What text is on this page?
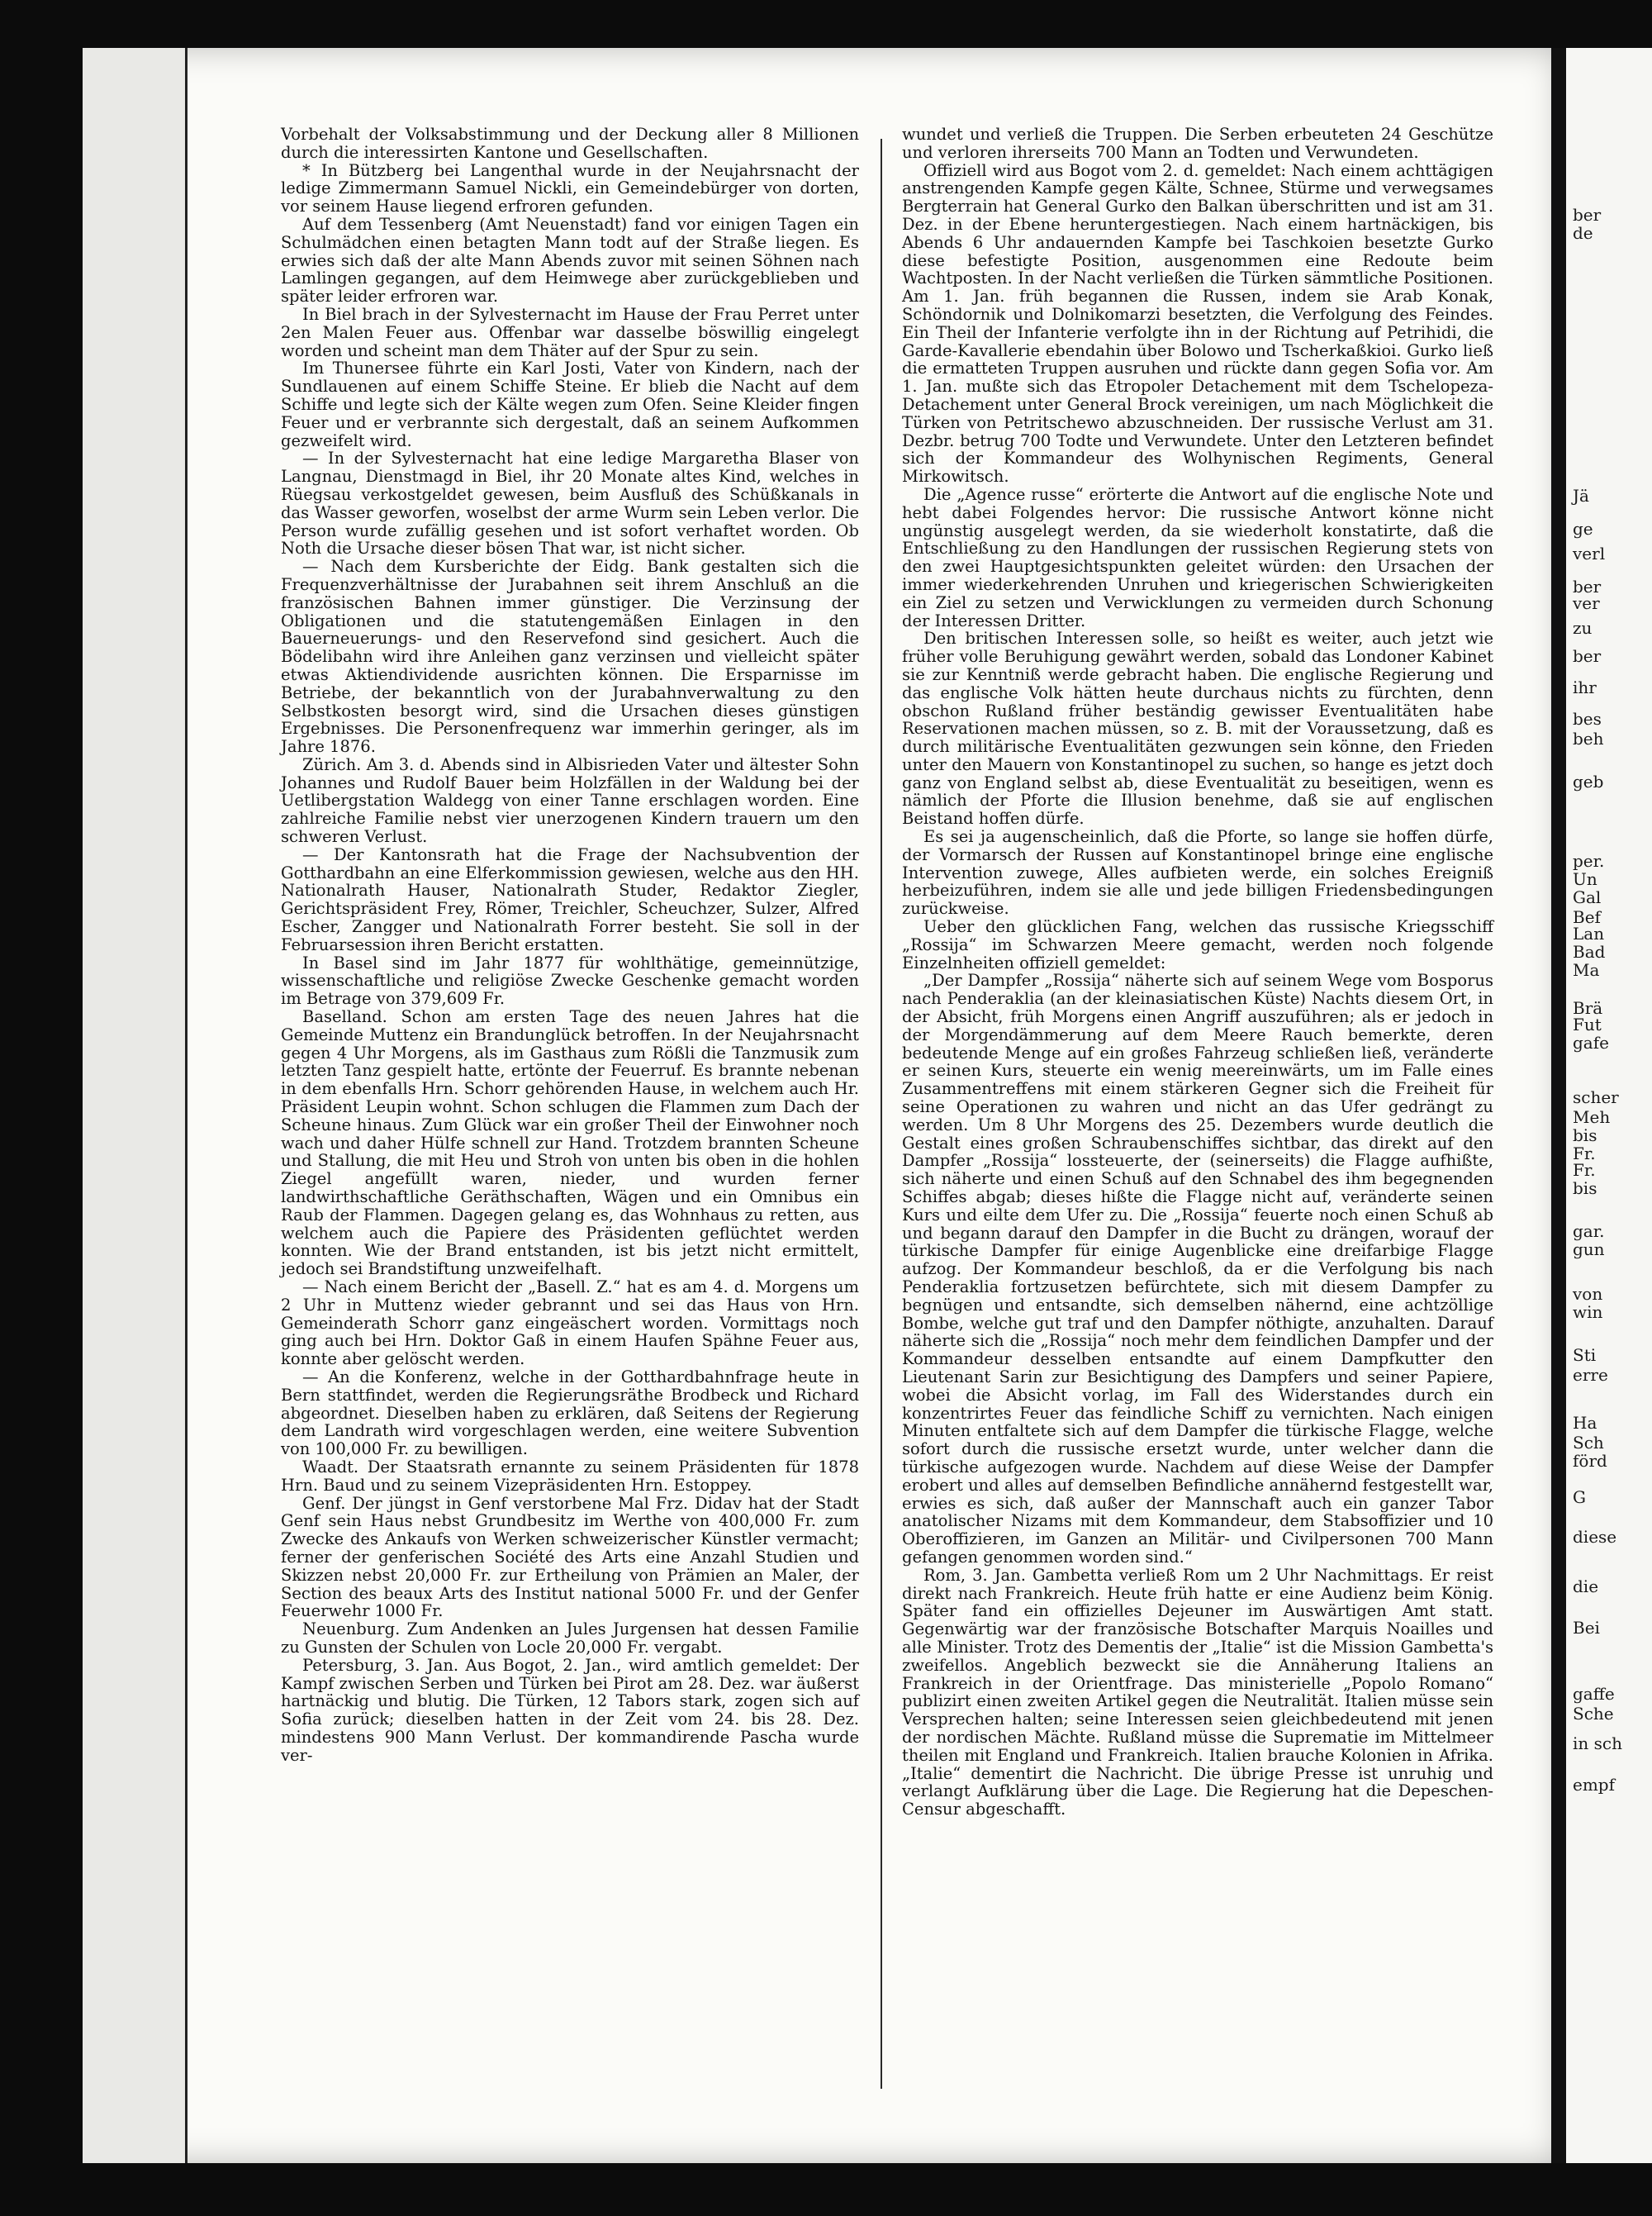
ber
de
Jä
ge
verl
ber
ver
zu
ber
ihr
bes
beh
geb
per.
Un
Gal
Bef
Lan
Bad
Ma
Brä
Fut
gafe
scher
Meh
bis
Fr.
Fr.
bis
gar.
gun
von
win
Sti
erre
Ha
Sch
förd
G
diese
die
Bei
gaffe
Sche
in sch
empf

Vorbehalt der Volksabstimmung und der Deckung aller 8 Millionen durch die interessirten Kantone und Gesellschaften.

* In Bützberg bei Langenthal wurde in der Neujahrsnacht der ledige Zimmermann Samuel Nickli, ein Gemeindebürger von dorten, vor seinem Hause liegend erfroren gefunden.

Auf dem Tessenberg (Amt Neuenstadt) fand vor einigen Tagen ein Schulmädchen einen betagten Mann todt auf der Straße liegen. Es erwies sich daß der alte Mann Abends zuvor mit seinen Söhnen nach Lamlingen gegangen, auf dem Heimwege aber zurückgeblieben und später leider erfroren war.

In Biel brach in der Sylvesternacht im Hause der Frau Perret unter 2en Malen Feuer aus. Offenbar war dasselbe böswillig eingelegt worden und scheint man dem Thäter auf der Spur zu sein.

Im Thunersee führte ein Karl Josti, Vater von Kindern, nach der Sundlauenen auf einem Schiffe Steine. Er blieb die Nacht auf dem Schiffe und legte sich der Kälte wegen zum Ofen. Seine Kleider fingen Feuer und er verbrannte sich dergestalt, daß an seinem Aufkommen gezweifelt wird.

— In der Sylvesternacht hat eine ledige Margaretha Blaser von Langnau, Dienstmagd in Biel, ihr 20 Monate altes Kind, welches in Rüegsau verkostgeldet gewesen, beim Ausfluß des Schüßkanals in das Wasser geworfen, woselbst der arme Wurm sein Leben verlor. Die Person wurde zufällig gesehen und ist sofort verhaftet worden. Ob Noth die Ursache dieser bösen That war, ist nicht sicher.

— Nach dem Kursberichte der Eidg. Bank gestalten sich die Frequenzverhältnisse der Jurabahnen seit ihrem Anschluß an die französischen Bahnen immer günstiger. Die Verzinsung der Obligationen und die statutengemäßen Einlagen in den Bauerneuerungs- und den Reservefond sind gesichert. Auch die Bödelibahn wird ihre Anleihen ganz verzinsen und vielleicht später etwas Aktiendividende ausrichten können. Die Ersparnisse im Betriebe, der bekanntlich von der Jurabahnverwaltung zu den Selbstkosten besorgt wird, sind die Ursachen dieses günstigen Ergebnisses. Die Personenfrequenz war immerhin geringer, als im Jahre 1876.

Zürich. Am 3. d. Abends sind in Albisrieden Vater und ältester Sohn Johannes und Rudolf Bauer beim Holzfällen in der Waldung bei der Uetlibergstation Waldegg von einer Tanne erschlagen worden. Eine zahlreiche Familie nebst vier unerzogenen Kindern trauern um den schweren Verlust.

— Der Kantonsrath hat die Frage der Nachsubvention der Gotthardbahn an eine Elferkommission gewiesen, welche aus den HH. Nationalrath Hauser, Nationalrath Studer, Redaktor Ziegler, Gerichtspräsident Frey, Römer, Treichler, Scheuchzer, Sulzer, Alfred Escher, Zangger und Nationalrath Forrer besteht. Sie soll in der Februarsession ihren Bericht erstatten.

In Basel sind im Jahr 1877 für wohlthätige, gemeinnützige, wissenschaftliche und religiöse Zwecke Geschenke gemacht worden im Betrage von 379,609 Fr.

Baselland. Schon am ersten Tage des neuen Jahres hat die Gemeinde Muttenz ein Brandunglück betroffen. In der Neujahrsnacht gegen 4 Uhr Morgens, als im Gasthaus zum Rößli die Tanzmusik zum letzten Tanz gespielt hatte, ertönte der Feuerruf. Es brannte nebenan in dem ebenfalls Hrn. Schorr gehörenden Hause, in welchem auch Hr. Präsident Leupin wohnt. Schon schlugen die Flammen zum Dach der Scheune hinaus. Zum Glück war ein großer Theil der Einwohner noch wach und daher Hülfe schnell zur Hand. Trotzdem brannten Scheune und Stallung, die mit Heu und Stroh von unten bis oben in die hohlen Ziegel angefüllt waren, nieder, und wurden ferner landwirthschaftliche Geräthschaften, Wägen und ein Omnibus ein Raub der Flammen. Dagegen gelang es, das Wohnhaus zu retten, aus welchem auch die Papiere des Präsidenten geflüchtet werden konnten. Wie der Brand entstanden, ist bis jetzt nicht ermittelt, jedoch sei Brandstiftung unzweifelhaft.

— Nach einem Bericht der „Basell. Z.“ hat es am 4. d. Morgens um 2 Uhr in Muttenz wieder gebrannt und sei das Haus von Hrn. Gemeinderath Schorr ganz eingeäschert worden. Vormittags noch ging auch bei Hrn. Doktor Gaß in einem Haufen Spähne Feuer aus, konnte aber gelöscht werden.

— An die Konferenz, welche in der Gotthardbahnfrage heute in Bern stattfindet, werden die Regierungsräthe Brodbeck und Richard abgeordnet. Dieselben haben zu erklären, daß Seitens der Regierung dem Landrath wird vorgeschlagen werden, eine weitere Subvention von 100,000 Fr. zu bewilligen.

Waadt. Der Staatsrath ernannte zu seinem Präsidenten für 1878 Hrn. Baud und zu seinem Vizepräsidenten Hrn. Estoppey.

Genf. Der jüngst in Genf verstorbene Mal Frz. Didav hat der Stadt Genf sein Haus nebst Grundbesitz im Werthe von 400,000 Fr. zum Zwecke des Ankaufs von Werken schweizerischer Künstler vermacht; ferner der genferischen Société des Arts eine Anzahl Studien und Skizzen nebst 20,000 Fr. zur Ertheilung von Prämien an Maler, der Section des beaux Arts des Institut national 5000 Fr. und der Genfer Feuerwehr 1000 Fr.

Neuenburg. Zum Andenken an Jules Jurgensen hat dessen Familie zu Gunsten der Schulen von Locle 20,000 Fr. vergabt.

Petersburg, 3. Jan. Aus Bogot, 2. Jan., wird amtlich gemeldet: Der Kampf zwischen Serben und Türken bei Pirot am 28. Dez. war äußerst hartnäckig und blutig. Die Türken, 12 Tabors stark, zogen sich auf Sofia zurück; dieselben hatten in der Zeit vom 24. bis 28. Dez. mindestens 900 Mann Verlust. Der kommandirende Pascha wurde ver-

wundet und verließ die Truppen. Die Serben erbeuteten 24 Geschütze und verloren ihrerseits 700 Mann an Todten und Verwundeten.

Offiziell wird aus Bogot vom 2. d. gemeldet: Nach einem achttägigen anstrengenden Kampfe gegen Kälte, Schnee, Stürme und verwegsames Bergterrain hat General Gurko den Balkan überschritten und ist am 31. Dez. in der Ebene heruntergestiegen. Nach einem hartnäckigen, bis Abends 6 Uhr andauernden Kampfe bei Taschkoien besetzte Gurko diese befestigte Position, ausgenommen eine Redoute beim Wachtposten. In der Nacht verließen die Türken sämmtliche Positionen. Am 1. Jan. früh begannen die Russen, indem sie Arab Konak, Schöndornik und Dolnikomarzi besetzten, die Verfolgung des Feindes. Ein Theil der Infanterie verfolgte ihn in der Richtung auf Petrihidi, die Garde-Kavallerie ebendahin über Bolowo und Tscherkaßkioi. Gurko ließ die ermatteten Truppen ausruhen und rückte dann gegen Sofia vor. Am 1. Jan. mußte sich das Etropoler Detachement mit dem Tschelopeza-Detachement unter General Brock vereinigen, um nach Möglichkeit die Türken von Petritschewo abzuschneiden. Der russische Verlust am 31. Dezbr. betrug 700 Todte und Verwundete. Unter den Letzteren befindet sich der Kommandeur des Wolhynischen Regiments, General Mirkowitsch.

Die „Agence russe“ erörterte die Antwort auf die englische Note und hebt dabei Folgendes hervor: Die russische Antwort könne nicht ungünstig ausgelegt werden, da sie wiederholt konstatirte, daß die Entschließung zu den Handlungen der russischen Regierung stets von den zwei Hauptgesichtspunkten geleitet würden: den Ursachen der immer wiederkehrenden Unruhen und kriegerischen Schwierigkeiten ein Ziel zu setzen und Verwicklungen zu vermeiden durch Schonung der Interessen Dritter.

Den britischen Interessen solle, so heißt es weiter, auch jetzt wie früher volle Beruhigung gewährt werden, sobald das Londoner Kabinet sie zur Kenntniß werde gebracht haben. Die englische Regierung und das englische Volk hätten heute durchaus nichts zu fürchten, denn obschon Rußland früher beständig gewisser Eventualitäten habe Reservationen machen müssen, so z. B. mit der Voraussetzung, daß es durch militärische Eventualitäten gezwungen sein könne, den Frieden unter den Mauern von Konstantinopel zu suchen, so hange es jetzt doch ganz von England selbst ab, diese Eventualität zu beseitigen, wenn es nämlich der Pforte die Illusion benehme, daß sie auf englischen Beistand hoffen dürfe.

Es sei ja augenscheinlich, daß die Pforte, so lange sie hoffen dürfe, der Vormarsch der Russen auf Konstantinopel bringe eine englische Intervention zuwege, Alles aufbieten werde, ein solches Ereigniß herbeizuführen, indem sie alle und jede billigen Friedensbedingungen zurückweise.

Ueber den glücklichen Fang, welchen das russische Kriegsschiff „Rossija“ im Schwarzen Meere gemacht, werden noch folgende Einzelnheiten offiziell gemeldet:

„Der Dampfer „Rossija“ näherte sich auf seinem Wege vom Bosporus nach Penderaklia (an der kleinasiatischen Küste) Nachts diesem Ort, in der Absicht, früh Morgens einen Angriff auszuführen; als er jedoch in der Morgendämmerung auf dem Meere Rauch bemerkte, deren bedeutende Menge auf ein großes Fahrzeug schließen ließ, veränderte er seinen Kurs, steuerte ein wenig meereinwärts, um im Falle eines Zusammentreffens mit einem stärkeren Gegner sich die Freiheit für seine Operationen zu wahren und nicht an das Ufer gedrängt zu werden. Um 8 Uhr Morgens des 25. Dezembers wurde deutlich die Gestalt eines großen Schraubenschiffes sichtbar, das direkt auf den Dampfer „Rossija“ lossteuerte, der (seinerseits) die Flagge aufhißte, sich näherte und einen Schuß auf den Schnabel des ihm begegnenden Schiffes abgab; dieses hißte die Flagge nicht auf, veränderte seinen Kurs und eilte dem Ufer zu. Die „Rossija“ feuerte noch einen Schuß ab und begann darauf den Dampfer in die Bucht zu drängen, worauf der türkische Dampfer für einige Augenblicke eine dreifarbige Flagge aufzog. Der Kommandeur beschloß, da er die Verfolgung bis nach Penderaklia fortzusetzen befürchtete, sich mit diesem Dampfer zu begnügen und entsandte, sich demselben nähernd, eine achtzöllige Bombe, welche gut traf und den Dampfer nöthigte, anzuhalten. Darauf näherte sich die „Rossija“ noch mehr dem feindlichen Dampfer und der Kommandeur desselben entsandte auf einem Dampfkutter den Lieutenant Sarin zur Besichtigung des Dampfers und seiner Papiere, wobei die Absicht vorlag, im Fall des Widerstandes durch ein konzentrirtes Feuer das feindliche Schiff zu vernichten. Nach einigen Minuten entfaltete sich auf dem Dampfer die türkische Flagge, welche sofort durch die russische ersetzt wurde, unter welcher dann die türkische aufgezogen wurde. Nachdem auf diese Weise der Dampfer erobert und alles auf demselben Befindliche annähernd festgestellt war, erwies es sich, daß außer der Mannschaft auch ein ganzer Tabor anatolischer Nizams mit dem Kommandeur, dem Stabsoffizier und 10 Oberoffizieren, im Ganzen an Militär- und Civilpersonen 700 Mann gefangen genommen worden sind.“

Rom, 3. Jan. Gambetta verließ Rom um 2 Uhr Nachmittags. Er reist direkt nach Frankreich. Heute früh hatte er eine Audienz beim König. Später fand ein offizielles Dejeuner im Auswärtigen Amt statt. Gegenwärtig war der französische Botschafter Marquis Noailles und alle Minister. Trotz des Dementis der „Italie“ ist die Mission Gambetta's zweifellos. Angeblich bezweckt sie die Annäherung Italiens an Frankreich in der Orientfrage. Das ministerielle „Popolo Romano“ publizirt einen zweiten Artikel gegen die Neutralität. Italien müsse sein Versprechen halten; seine Interessen seien gleichbedeutend mit jenen der nordischen Mächte. Rußland müsse die Suprematie im Mittelmeer theilen mit England und Frankreich. Italien brauche Kolonien in Afrika. „Italie“ dementirt die Nachricht. Die übrige Presse ist unruhig und verlangt Aufklärung über die Lage. Die Regierung hat die Depeschen-Censur abgeschafft.
